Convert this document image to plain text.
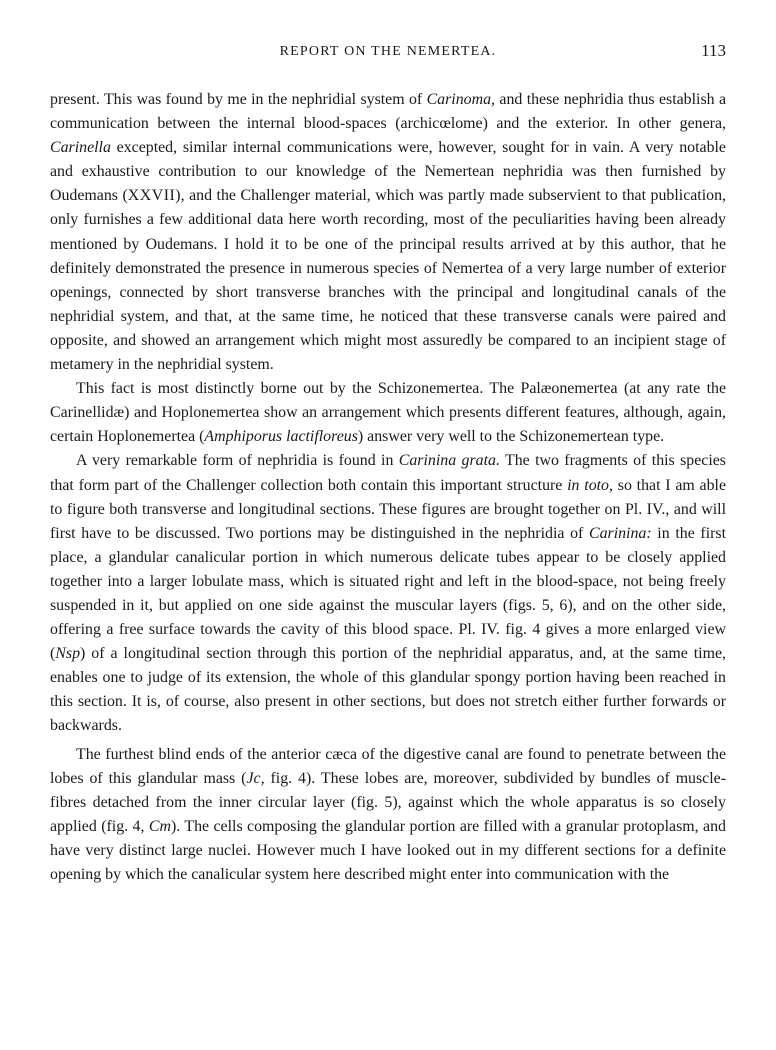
REPORT ON THE NEMERTEA.	113

present. This was found by me in the nephridial system of Carinoma, and these nephridia thus establish a communication between the internal blood-spaces (archicœlome) and the exterior. In other genera, Carinella excepted, similar internal communications were, however, sought for in vain. A very notable and exhaustive contribution to our knowledge of the Nemertean nephridia was then furnished by Oudemans (XXVII), and the Challenger material, which was partly made subservient to that publication, only furnishes a few additional data here worth recording, most of the peculiarities having been already mentioned by Oudemans. I hold it to be one of the principal results arrived at by this author, that he definitely demonstrated the presence in numerous species of Nemertea of a very large number of exterior openings, connected by short transverse branches with the principal and longitudinal canals of the nephridial system, and that, at the same time, he noticed that these transverse canals were paired and opposite, and showed an arrangement which might most assuredly be compared to an incipient stage of metamery in the nephridial system.

This fact is most distinctly borne out by the Schizonemertea. The Palæonemertea (at any rate the Carinellidæ) and Hoplonemertea show an arrangement which presents different features, although, again, certain Hoplonemertea (Amphiporus lactifloreus) answer very well to the Schizonemertean type.

A very remarkable form of nephridia is found in Carinina grata. The two fragments of this species that form part of the Challenger collection both contain this important structure in toto, so that I am able to figure both transverse and longitudinal sections. These figures are brought together on Pl. IV., and will first have to be discussed. Two portions may be distinguished in the nephridia of Carinina: in the first place, a glandular canalicular portion in which numerous delicate tubes appear to be closely applied together into a larger lobulate mass, which is situated right and left in the blood-space, not being freely suspended in it, but applied on one side against the muscular layers (figs. 5, 6), and on the other side, offering a free surface towards the cavity of this blood space. Pl. IV. fig. 4 gives a more enlarged view (Nsp) of a longitudinal section through this portion of the nephridial apparatus, and, at the same time, enables one to judge of its extension, the whole of this glandular spongy portion having been reached in this section. It is, of course, also present in other sections, but does not stretch either further forwards or backwards.

The furthest blind ends of the anterior cæca of the digestive canal are found to penetrate between the lobes of this glandular mass (Jc, fig. 4). These lobes are, moreover, subdivided by bundles of muscle-fibres detached from the inner circular layer (fig. 5), against which the whole apparatus is so closely applied (fig. 4, Cm). The cells composing the glandular portion are filled with a granular protoplasm, and have very distinct large nuclei. However much I have looked out in my different sections for a definite opening by which the canalicular system here described might enter into communication with the
